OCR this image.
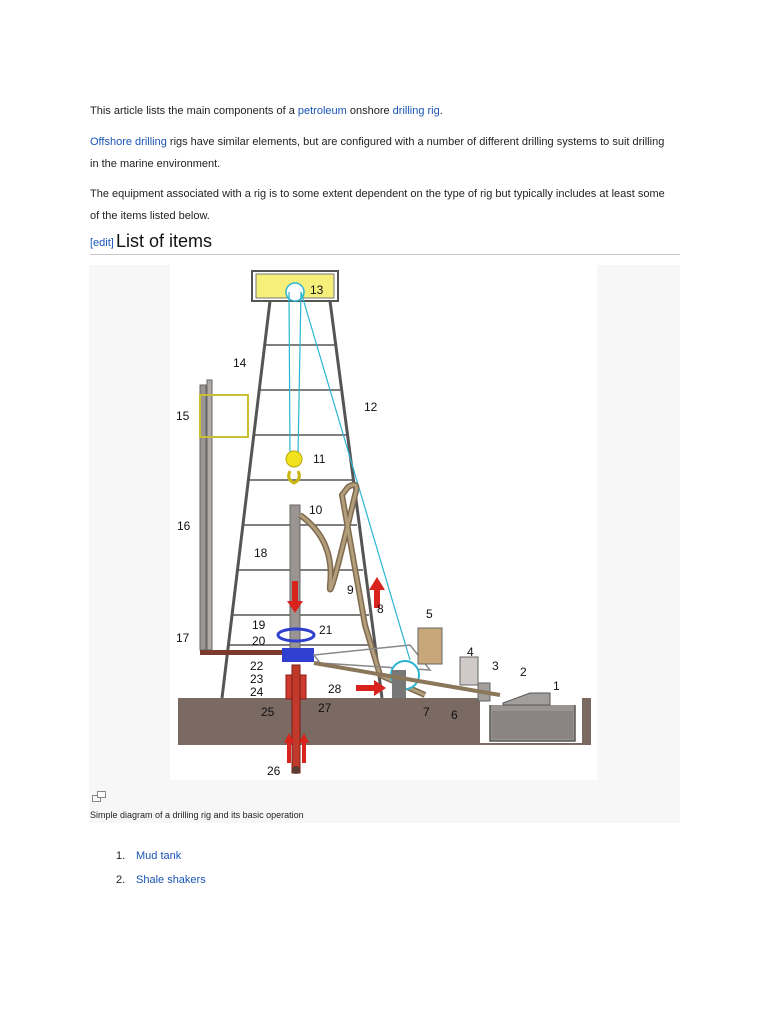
This article lists the main components of a petroleum onshore drilling rig.
Offshore drilling rigs have similar elements, but are configured with a number of different drilling systems to suit drilling in the marine environment.
The equipment associated with a rig is to some extent dependent on the type of rig but typically includes at least some of the items listed below.
[edit] List of items
1
2
3
4
5
6
7
8
9
10
11
12
13
14
15
16
17
18
19
20
21
22
23
24
25
26
27
28
Simple diagram of a drilling rig and its basic operation
1. Mud tank
2. Shale shakers
